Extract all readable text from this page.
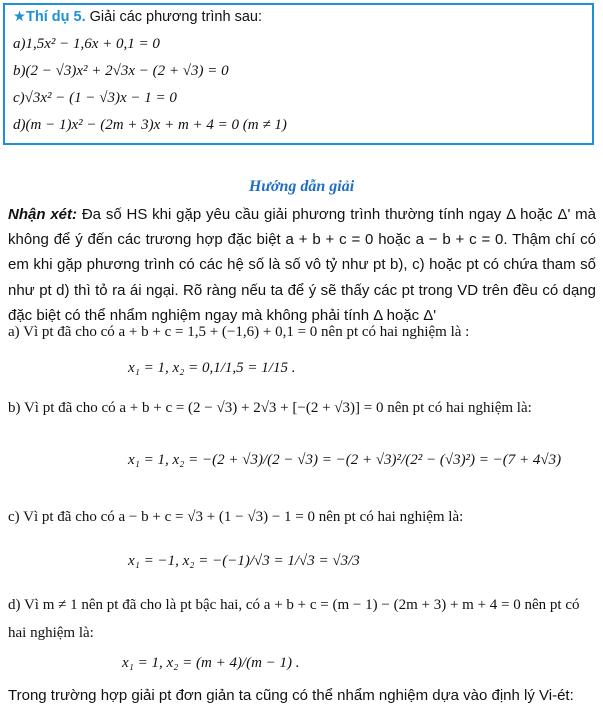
★Thí dụ 5. Giải các phương trình sau:
a)1,5x² − 1,6x + 0,1 = 0
b)(2 − √3)x² + 2√3x − (2 + √3) = 0
c)√3x² − (1 − √3)x − 1 = 0
d)(m − 1)x² − (2m + 3)x + m + 4 = 0 (m ≠ 1)
Hướng dẫn giải
Nhận xét: Đa số HS khi gặp yêu cầu giải phương trình thường tính ngay Δ hoặc Δ' mà không để ý đến các trương hợp đặc biệt a + b + c = 0 hoặc a − b + c = 0. Thậm chí có em khi gặp phương trình có các hệ số là số vô tỷ như pt b), c) hoặc pt có chứa tham số như pt d) thì tỏ ra ái ngại. Rõ ràng nếu ta để ý sẽ thấy các pt trong VD trên đều có dạng đặc biệt có thể nhẩm nghiệm ngay mà không phải tính Δ hoặc Δ'
a) Vì pt đã cho có a + b + c = 1,5 + (−1,6) + 0,1 = 0 nên pt có hai nghiệm là :
x₁ = 1, x₂ = 0,1/1,5 = 1/15 .
b) Vì pt đã cho có a + b + c = (2 − √3) + 2√3 + [−(2 + √3)] = 0 nên pt có hai nghiệm là:
x₁ = 1, x₂ = −(2 + √3)/(2 − √3) = −(2 + √3)²/(2² − (√3)²) = −(7 + 4√3)
c) Vì pt đã cho có a − b + c = √3 + (1 − √3) − 1 = 0 nên pt có hai nghiệm là:
x₁ = −1, x₂ = −(−1)/√3 = 1/√3 = √3/3
d) Vì m ≠ 1 nên pt đã cho là pt bậc hai, có a + b + c = (m − 1) − (2m + 3) + m + 4 = 0 nên pt có hai nghiệm là:
x₁ = 1, x₂ = (m + 4)/(m − 1) .
Trong trường hợp giải pt đơn giản ta cũng có thể nhẩm nghiệm dựa vào định lý Vi-ét:
